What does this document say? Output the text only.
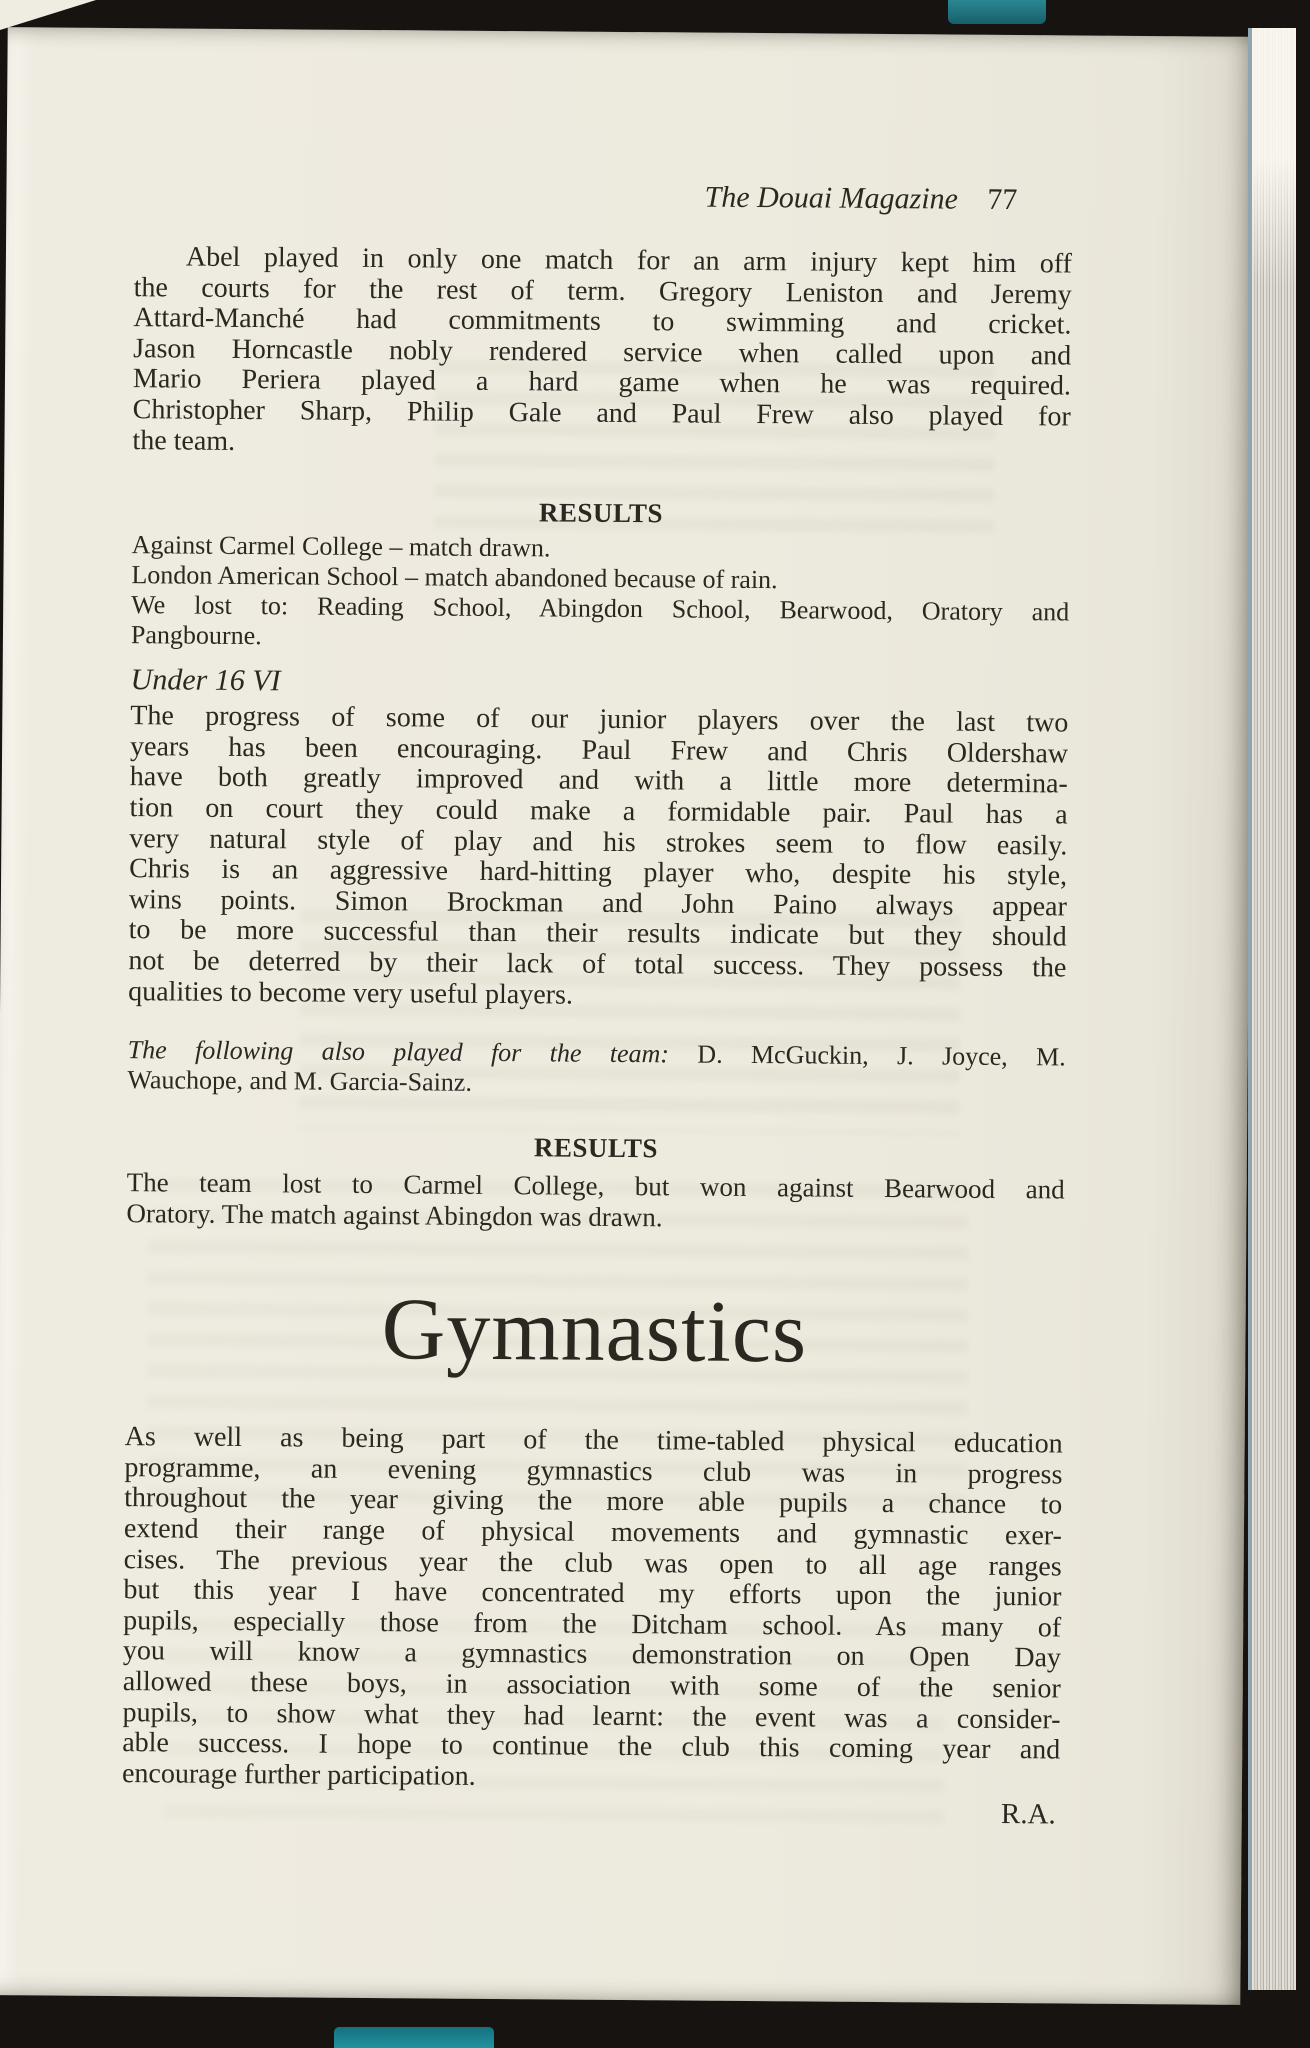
The Douai Magazine 77
Abel played in only one match for an arm injury kept him off
the courts for the rest of term. Gregory Leniston and Jeremy
Attard-Manché had commitments to swimming and cricket.
Jason Horncastle nobly rendered service when called upon and
Mario Periera played a hard game when he was required.
Christopher Sharp, Philip Gale and Paul Frew also played for
the team.
RESULTS
Against Carmel College – match drawn.
London American School – match abandoned because of rain.
We lost to: Reading School, Abingdon School, Bearwood, Oratory and
Pangbourne.
Under 16 VI
The progress of some of our junior players over the last two
years has been encouraging. Paul Frew and Chris Oldershaw
have both greatly improved and with a little more determina-
tion on court they could make a formidable pair. Paul has a
very natural style of play and his strokes seem to flow easily.
Chris is an aggressive hard-hitting player who, despite his style,
wins points. Simon Brockman and John Paino always appear
to be more successful than their results indicate but they should
not be deterred by their lack of total success. They possess the
qualities to become very useful players.
The following also played for the team: D. McGuckin, J. Joyce, M.
Wauchope, and M. Garcia-Sainz.
RESULTS
The team lost to Carmel College, but won against Bearwood and
Oratory. The match against Abingdon was drawn.
Gymnastics
As well as being part of the time-tabled physical education
programme, an evening gymnastics club was in progress
throughout the year giving the more able pupils a chance to
extend their range of physical movements and gymnastic exer-
cises. The previous year the club was open to all age ranges
but this year I have concentrated my efforts upon the junior
pupils, especially those from the Ditcham school. As many of
you will know a gymnastics demonstration on Open Day
allowed these boys, in association with some of the senior
pupils, to show what they had learnt: the event was a consider-
able success. I hope to continue the club this coming year and
encourage further participation.
R.A.
